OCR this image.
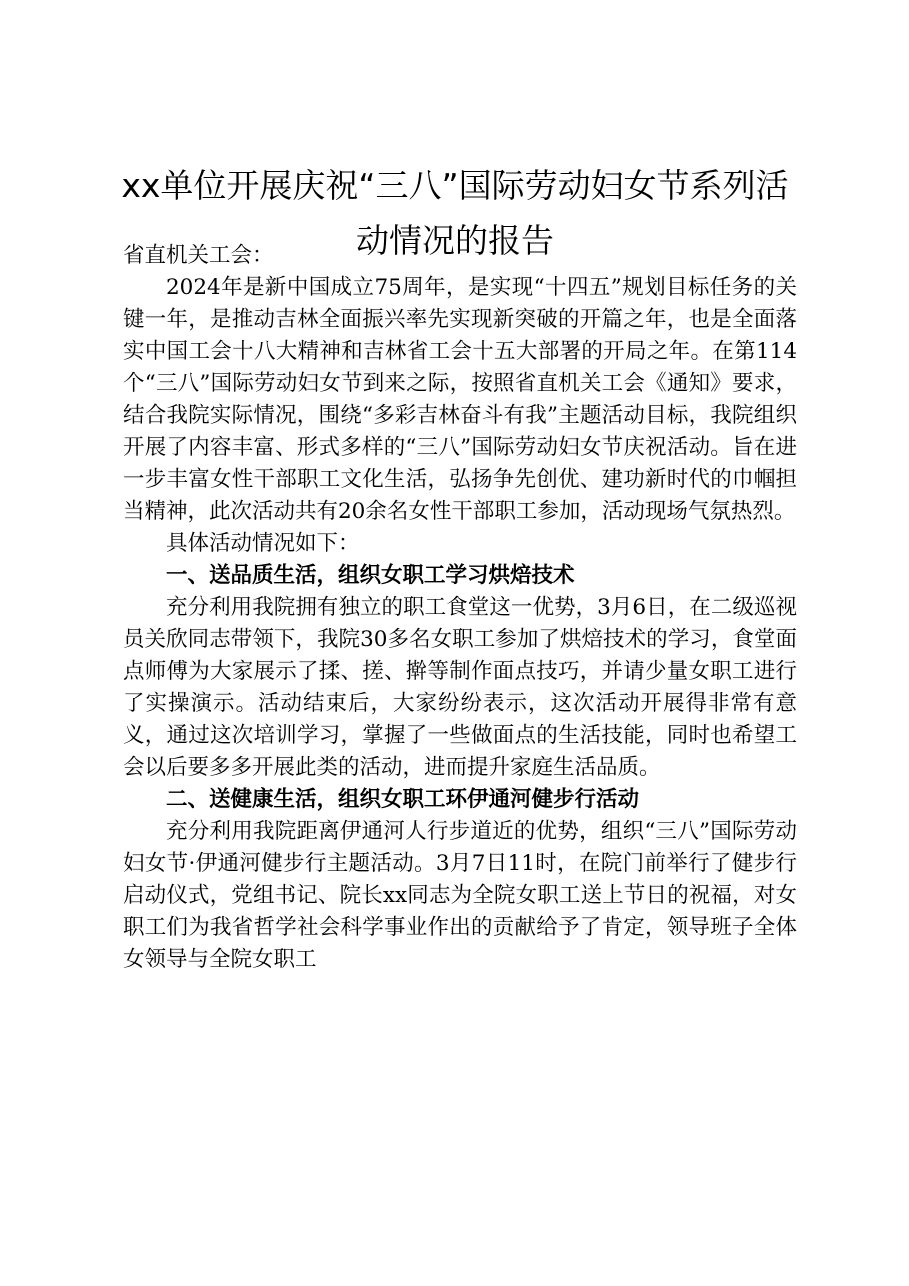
xx单位开展庆祝“三八”国际劳动妇女节系列活动情况的报告

省直机关工会：

2024年是新中国成立75周年，是实现“十四五”规划目标任务的关键一年，是推动吉林全面振兴率先实现新突破的开篇之年，也是全面落实中国工会十八大精神和吉林省工会十五大部署的开局之年。在第114个“三八”国际劳动妇女节到来之际，按照省直机关工会《通知》要求，结合我院实际情况，围绕“多彩吉林奋斗有我”主题活动目标，我院组织开展了内容丰富、形式多样的“三八”国际劳动妇女节庆祝活动。旨在进一步丰富女性干部职工文化生活，弘扬争先创优、建功新时代的巾帼担当精神，此次活动共有20余名女性干部职工参加，活动现场气氛热烈。

具体活动情况如下：

一、送品质生活，组织女职工学习烘焙技术

充分利用我院拥有独立的职工食堂这一优势，3月6日，在二级巡视员关欣同志带领下，我院30多名女职工参加了烘焙技术的学习，食堂面点师傅为大家展示了揉、搓、擀等制作面点技巧，并请少量女职工进行了实操演示。活动结束后，大家纷纷表示，这次活动开展得非常有意义，通过这次培训学习，掌握了一些做面点的生活技能，同时也希望工会以后要多多开展此类的活动，进而提升家庭生活品质。

二、送健康生活，组织女职工环伊通河健步行活动

充分利用我院距离伊通河人行步道近的优势，组织“三八”国际劳动妇女节·伊通河健步行主题活动。3月7日11时，在院门前举行了健步行启动仪式，党组书记、院长xx同志为全院女职工送上节日的祝福，对女职工们为我省哲学社会科学事业作出的贡献给予了肯定，领导班子全体女领导与全院女职工
